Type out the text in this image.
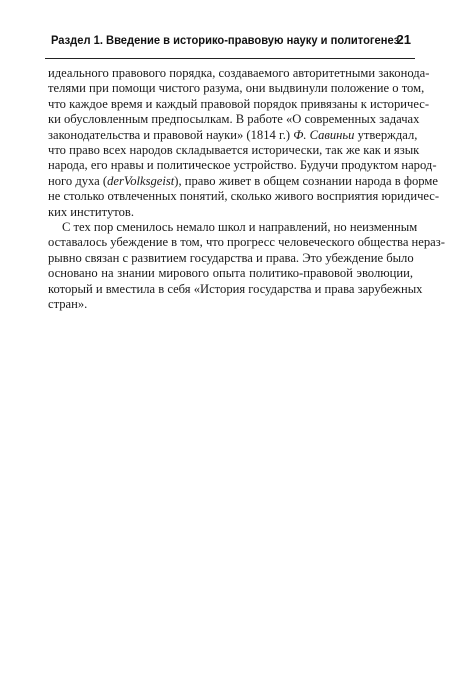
Раздел 1. Введение в историко-правовую науку и политогенез
21
идеального правового порядка, создаваемого авторитетными законода-
телями при помощи чистого разума, они выдвинули положение о том,
что каждое время и каждый правовой порядок привязаны к историчес-
ки обусловленным предпосылкам. В работе «О современных задачах
законодательства и правовой науки» (1814 г.) Ф. Савиньи утверждал,
что право всех народов складывается исторически, так же как и язык
народа, его нравы и политическое устройство. Будучи продуктом народ-
ного духа (derVolksgeist), право живет в общем сознании народа в форме
не столько отвлеченных понятий, сколько живого восприятия юридичес-
ких институтов.
С тех пор сменилось немало школ и направлений, но неизменным
оставалось убеждение в том, что прогресс человеческого общества нераз-
рывно связан с развитием государства и права. Это убеждение было
основано на знании мирового опыта политико-правовой эволюции,
который и вместила в себя «История государства и права зарубежных
стран».
